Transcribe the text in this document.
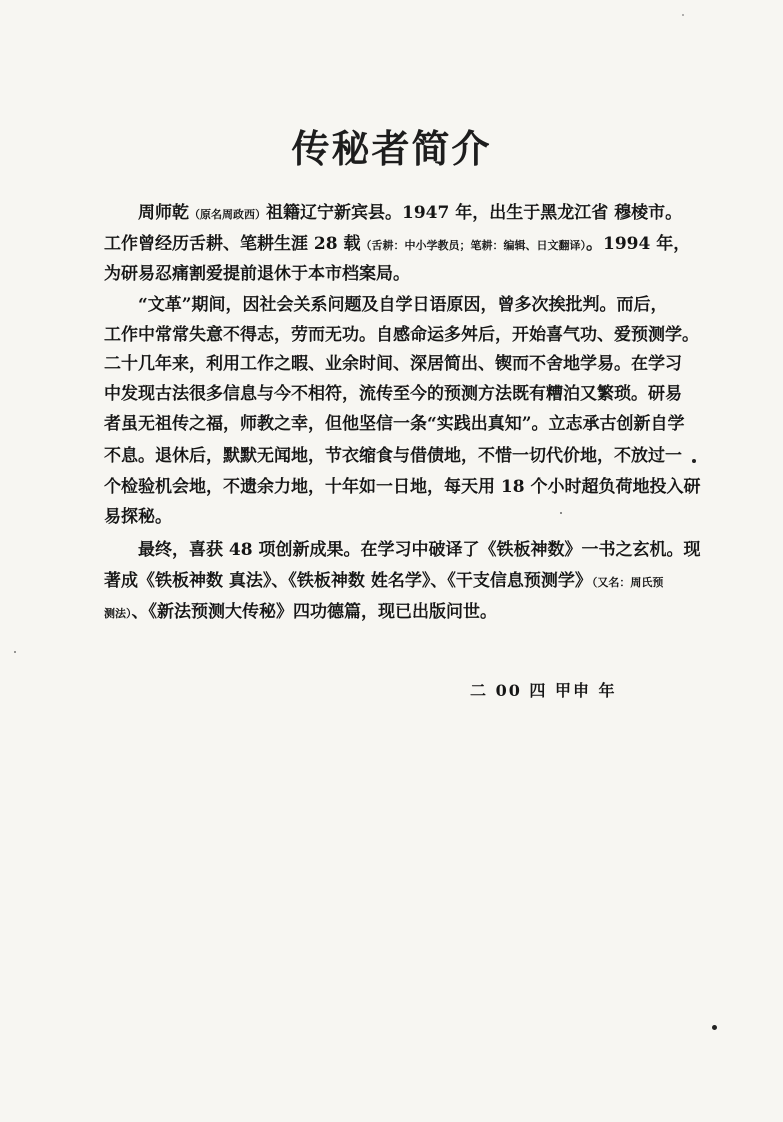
传秘者简介
周师乾（原名周政西）祖籍辽宁新宾县。1947 年，出生于黑龙江省 穆棱市。
工作曾经历舌耕、笔耕生涯 28 载（舌耕：中小学教员；笔耕：编辑、日文翻译）。1994 年，
为研易忍痛割爱提前退休于本市档案局。
“文革”期间，因社会关系问题及自学日语原因，曾多次挨批判。而后，
工作中常常失意不得志，劳而无功。自感命运多舛后，开始喜气功、爱预测学。
二十几年来，利用工作之暇、业余时间、深居简出、锲而不舍地学易。在学习
中发现古法很多信息与今不相符，流传至今的预测方法既有糟泊又繁琐。研易
者虽无祖传之福，师教之幸，但他坚信一条“实践出真知”。立志承古创新自学
不息。退休后，默默无闻地，节衣缩食与借债地，不惜一切代价地，不放过一
个检验机会地，不遗余力地，十年如一日地，每天用 18 个小时超负荷地投入研
易探秘。
最终，喜获 48 项创新成果。在学习中破译了《铁板神数》一书之玄机。现
著成《铁板神数 真法》、《铁板神数 姓名学》、《干支信息预测学》（又名：周氏预
测法）、《新法预测大传秘》四功德篇，现已出版问世。
二 00 四 甲申 年
